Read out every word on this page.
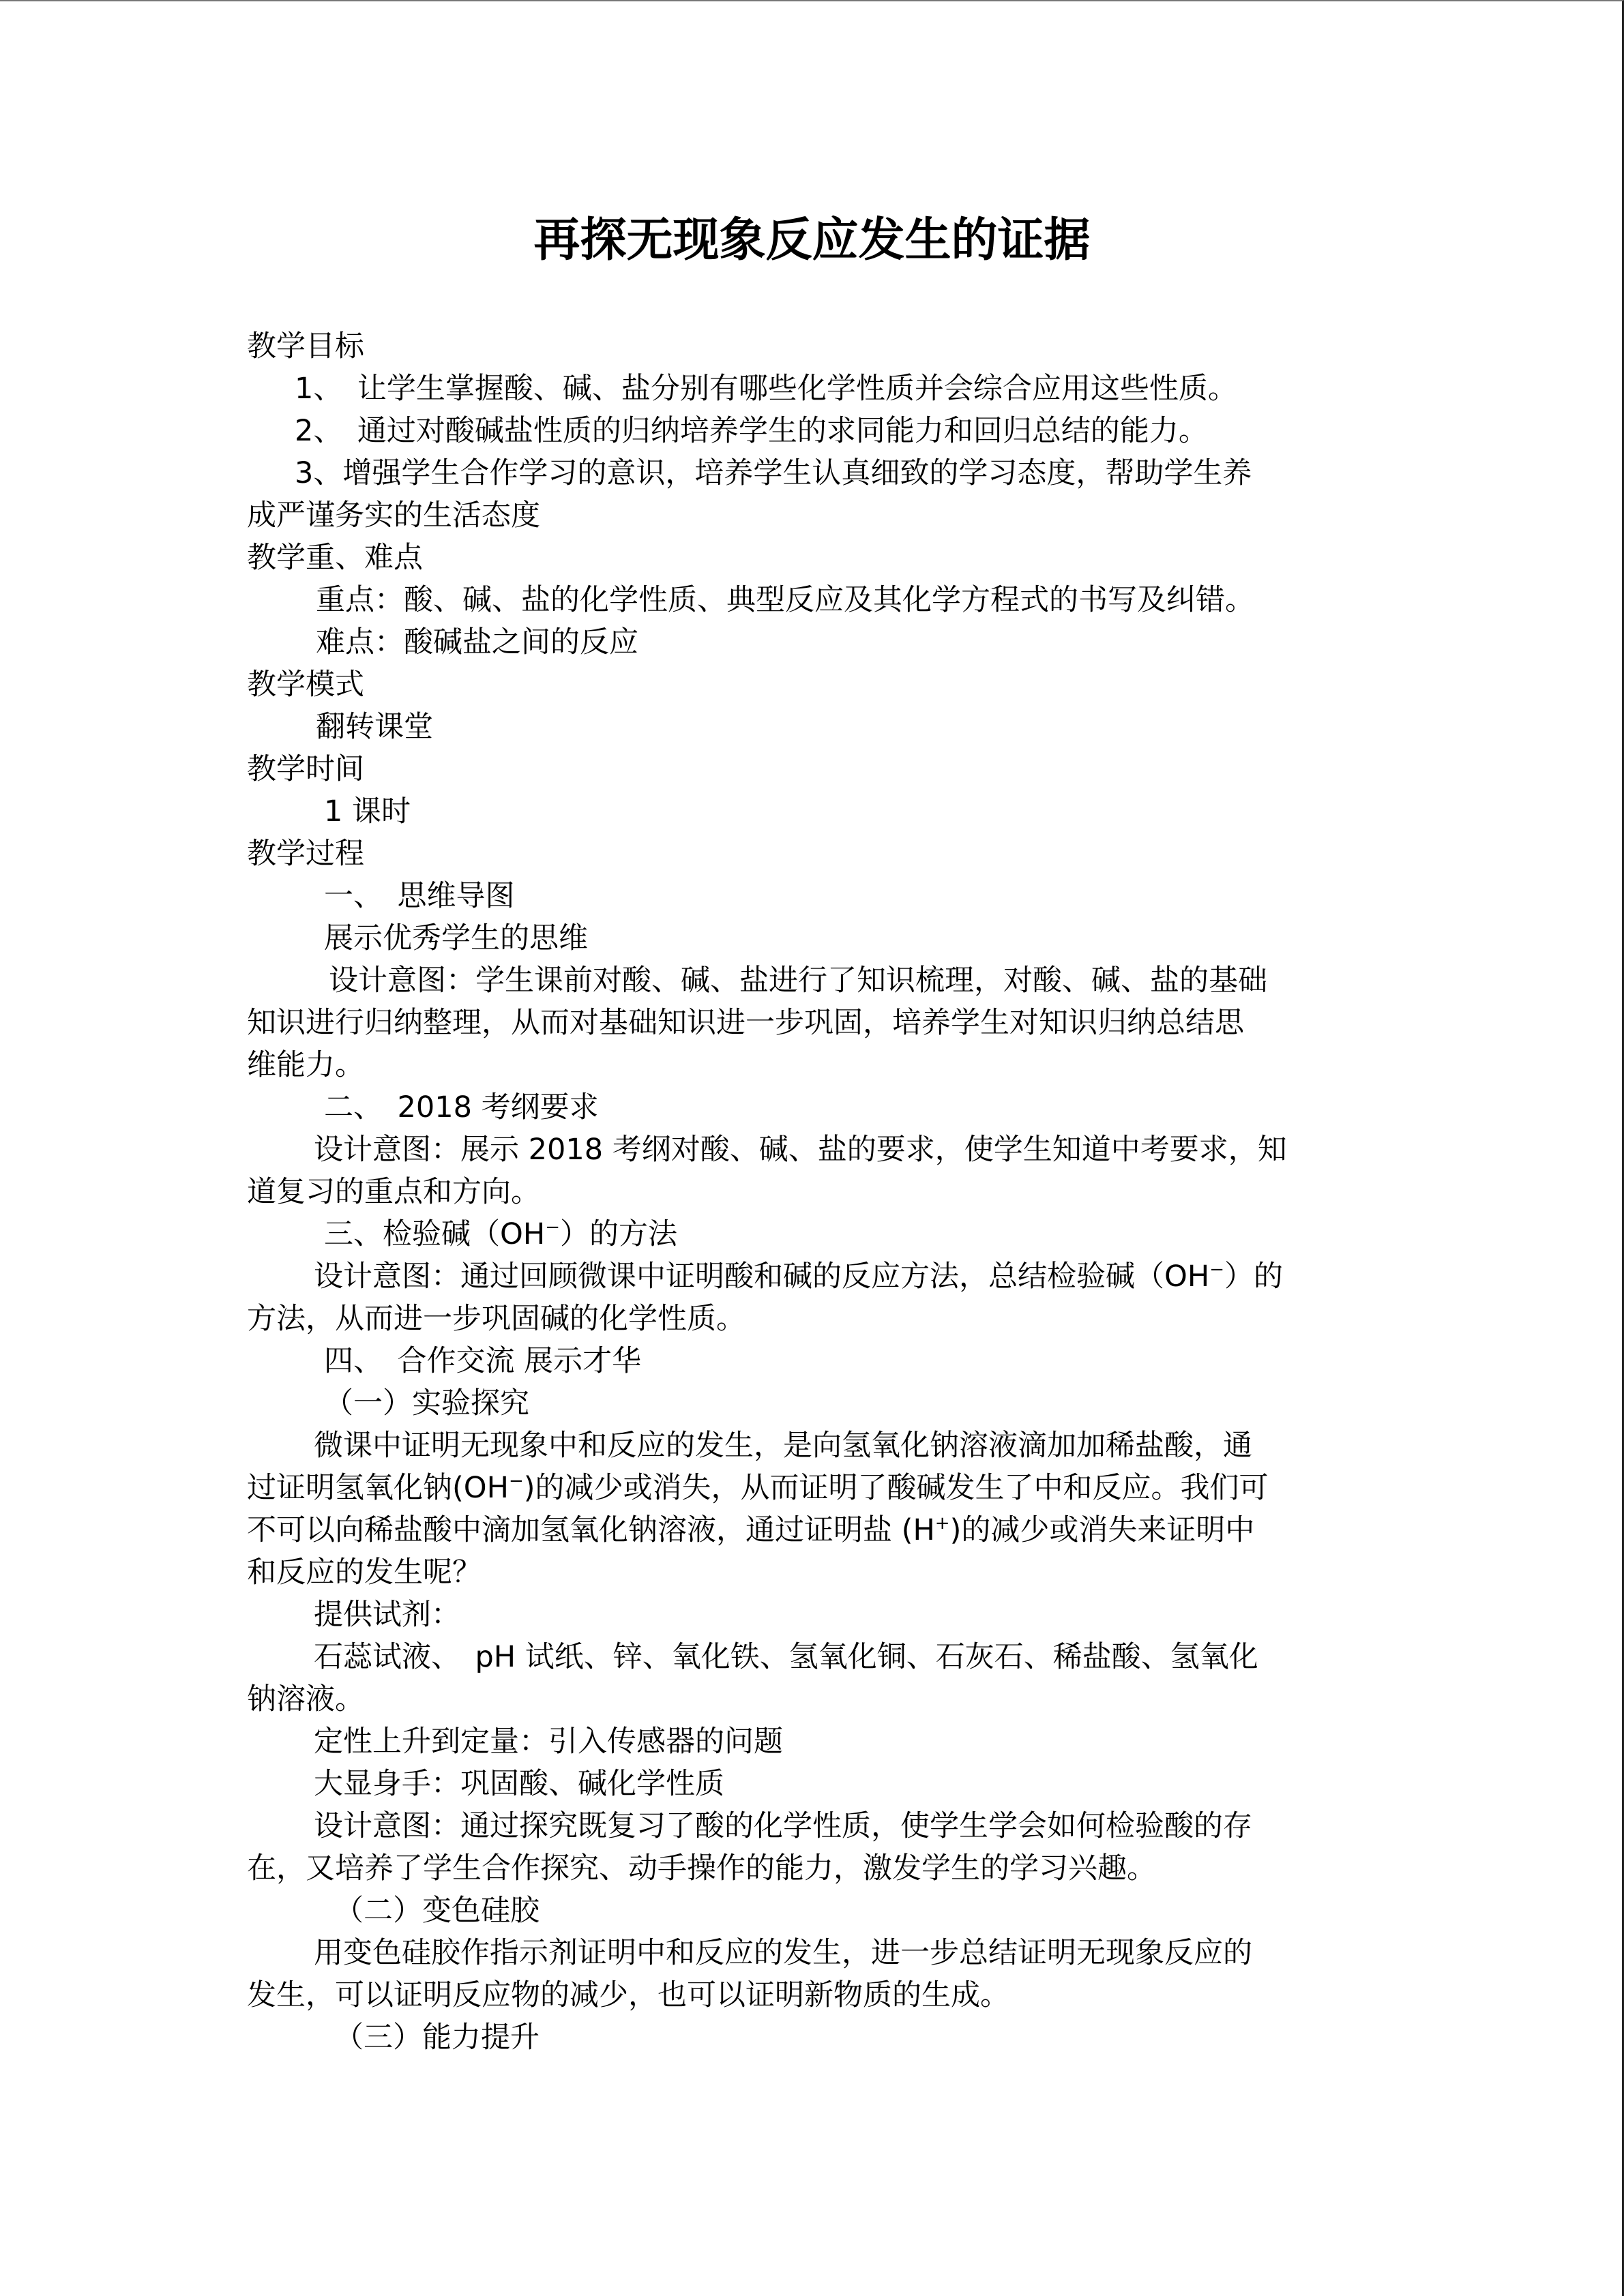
再探无现象反应发生的证据
教学目标
1、　让学生掌握酸、碱、盐分别有哪些化学性质并会综合应用这些性质。
2、　通过对酸碱盐性质的归纳培养学生的求同能力和回归总结的能力。
3、增强学生合作学习的意识，培养学生认真细致的学习态度，帮助学生养
成严谨务实的生活态度
教学重、难点
重点：酸、碱、盐的化学性质、典型反应及其化学方程式的书写及纠错。
难点：酸碱盐之间的反应
教学模式
翻转课堂
教学时间
1 课时
教学过程
一、　思维导图
展示优秀学生的思维
设计意图：学生课前对酸、碱、盐进行了知识梳理，对酸、碱、盐的基础
知识进行归纳整理，从而对基础知识进一步巩固，培养学生对知识归纳总结思
维能力。
二、　2018 考纲要求
设计意图：展示 2018 考纲对酸、碱、盐的要求，使学生知道中考要求，知
道复习的重点和方向。
三、检验碱（OH−）的方法
设计意图：通过回顾微课中证明酸和碱的反应方法，总结检验碱（OH−）的
方法，从而进一步巩固碱的化学性质。
四、　合作交流 展示才华
（一）实验探究
微课中证明无现象中和反应的发生，是向氢氧化钠溶液滴加加稀盐酸，通
过证明氢氧化钠(OH−)的减少或消失，从而证明了酸碱发生了中和反应。我们可
不可以向稀盐酸中滴加氢氧化钠溶液，通过证明盐 (H+)的减少或消失来证明中
和反应的发生呢？
提供试剂：
石蕊试液、　pH 试纸、锌、氧化铁、氢氧化铜、石灰石、稀盐酸、氢氧化
钠溶液。
定性上升到定量：引入传感器的问题
大显身手：巩固酸、碱化学性质
设计意图：通过探究既复习了酸的化学性质，使学生学会如何检验酸的存
在，又培养了学生合作探究、动手操作的能力，激发学生的学习兴趣。
（二）变色硅胶
用变色硅胶作指示剂证明中和反应的发生，进一步总结证明无现象反应的
发生，可以证明反应物的减少，也可以证明新物质的生成。
（三）能力提升
